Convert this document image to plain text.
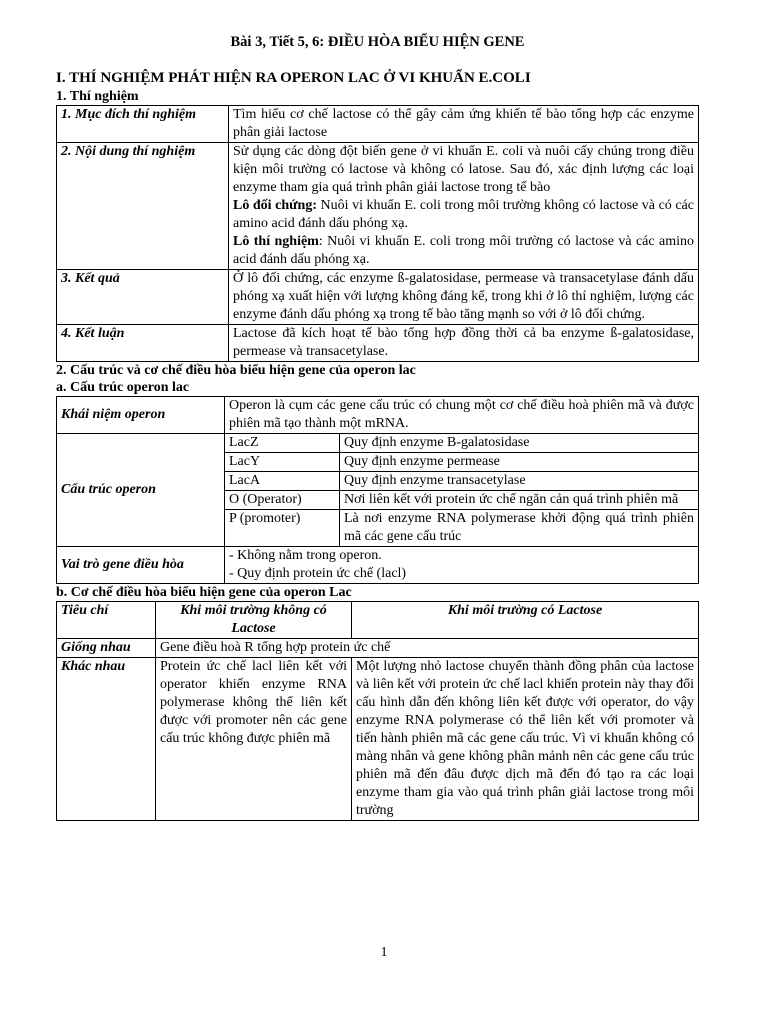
Bài 3, Tiết 5, 6: ĐIỀU HÒA BIỂU HIỆN GENE
I. THÍ NGHIỆM PHÁT HIỆN RA OPERON LAC Ở VI KHUẨN E.COLI
1. Thí nghiệm
1. Mục đích thí nghiệm	Tìm hiểu cơ chế lactose có thể gây cảm ứng khiến tế bào tổng hợp các enzyme phân giải lactose
2. Nội dung thí nghiệm	Sử dụng các dòng đột biến gene ở vi khuẩn E. coli và nuôi cấy chúng trong điều kiện môi trường có lactose và không có latose. Sau đó, xác định lượng các loại enzyme tham gia quá trình phân giải lactose trong tế bào
Lô đối chứng: Nuôi vi khuẩn E. coli trong môi trường không có lactose và có các amino acid đánh dấu phóng xạ.
Lô thí nghiệm: Nuôi vi khuẩn E. coli trong môi trường có lactose và các amino acid đánh dấu phóng xạ.

3. Kết quả	Ở lô đối chứng, các enzyme ß-galatosidase, permease và transacetylase đánh dấu phóng xạ xuất hiện với lượng không đáng kể, trong khi ở lô thí nghiệm, lượng các enzyme đánh dấu phóng xạ trong tế bào tăng mạnh so với ở lô đối chứng.
4. Kết luận	Lactose đã kích hoạt tế bào tổng hợp đồng thời cả ba enzyme ß-galatosidase, permease và transacetylase.
2. Cấu trúc và cơ chế điều hòa biểu hiện gene của operon lac
a. Cấu trúc operon lac
Khái niệm operon	Operon là cụm các gene cấu trúc có chung một cơ chế điều hoà phiên mã và được phiên mã tạo thành một mRNA.	
Cấu trúc operon	LacZ	Quy định enzyme B-galatosidase
	LacY	Quy định enzyme permease
	LacA	Quy định enzyme transacetylase
	O (Operator)	Nơi liên kết với protein ức chế ngăn cản quá trình phiên mã
	P (promoter)	Là nơi enzyme RNA polymerase khởi động quá trình phiên mã các gene cấu trúc
Vai trò gene điều hòa	- Không nằm trong operon.
- Quy định protein ức chế (lacl)	
b. Cơ chế điều hòa biểu hiện gene của operon Lac
Tiêu chí	Khi môi trường không có Lactose	Khi môi trường có Lactose
Giống nhau	Gene điều hoà R tổng hợp protein ức chế	
Khác nhau	Protein ức chế lacl liên kết với operator khiến enzyme RNA polymerase không thể liên kết được với promoter nên các gene cấu trúc không được phiên mã	Một lượng nhỏ lactose chuyển thành đồng phân của lactose và liên kết với protein ức chế lacl khiến protein này thay đổi cấu hình dẫn đến không liên kết được với operator, do vậy enzyme RNA polymerase có thể liên kết với promoter và tiến hành phiên mã các gene cấu trúc. Vì vi khuẩn không có màng nhân và gene không phân mảnh nên các gene cấu trúc phiên mã đến đâu được dịch mã đến đó tạo ra các loại enzyme tham gia vào quá trình phân giải lactose trong môi trường
1
